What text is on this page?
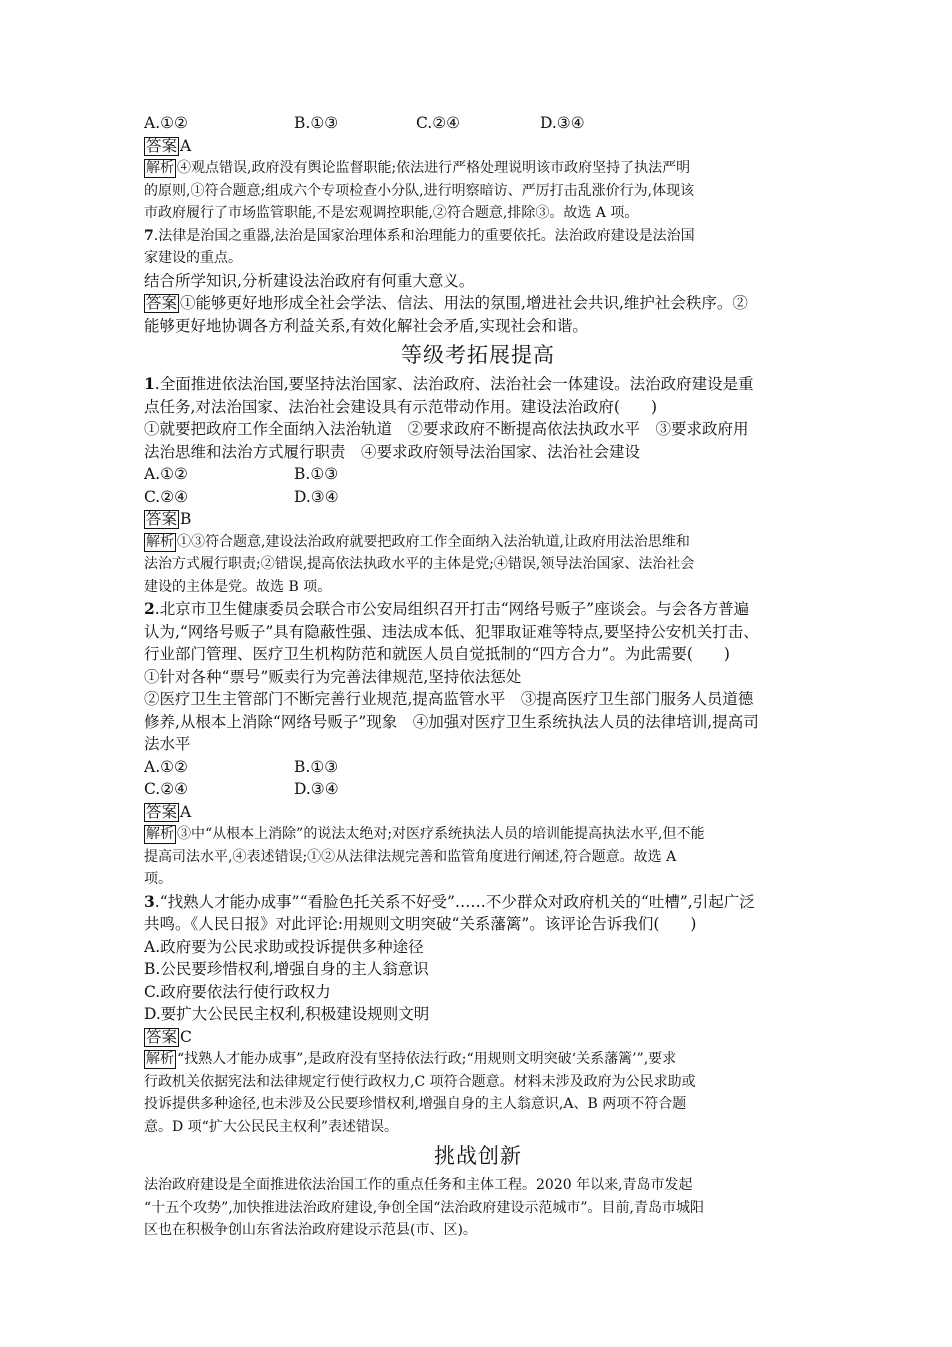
A.①②	B.①③	C.②④	D.③④
答案 A
解析 ④观点错误,政府没有舆论监督职能;依法进行严格处理说明该市政府坚持了执法严明
的原则,①符合题意;组成六个专项检查小分队,进行明察暗访、严厉打击乱涨价行为,体现该
市政府履行了市场监管职能,不是宏观调控职能,②符合题意,排除③。故选 A 项。
7.法律是治国之重器,法治是国家治理体系和治理能力的重要依托。法治政府建设是法治国
家建设的重点。
结合所学知识,分析建设法治政府有何重大意义。
答案 ①能够更好地形成全社会学法、信法、用法的氛围,增进社会共识,维护社会秩序。②
能够更好地协调各方利益关系,有效化解社会矛盾,实现社会和谐。
等级考拓展提高
1.全面推进依法治国,要坚持法治国家、法治政府、法治社会一体建设。法治政府建设是重
点任务,对法治国家、法治社会建设具有示范带动作用。建设法治政府(　　)
①就要把政府工作全面纳入法治轨道　②要求政府不断提高依法执政水平　③要求政府用
法治思维和法治方式履行职责　④要求政府领导法治国家、法治社会建设
A.①②	B.①③
C.②④	D.③④
答案 B
解析 ①③符合题意,建设法治政府就要把政府工作全面纳入法治轨道,让政府用法治思维和
法治方式履行职责;②错误,提高依法执政水平的主体是党;④错误,领导法治国家、法治社会
建设的主体是党。故选 B 项。
2.北京市卫生健康委员会联合市公安局组织召开打击“网络号贩子”座谈会。与会各方普遍
认为,“网络号贩子”具有隐蔽性强、违法成本低、犯罪取证难等特点,要坚持公安机关打击、
行业部门管理、医疗卫生机构防范和就医人员自觉抵制的“四方合力”。为此需要(　　)
①针对各种“票号”贩卖行为完善法律规范,坚持依法惩处
②医疗卫生主管部门不断完善行业规范,提高监管水平　③提高医疗卫生部门服务人员道德
修养,从根本上消除“网络号贩子”现象　④加强对医疗卫生系统执法人员的法律培训,提高司
法水平
A.①②	B.①③
C.②④	D.③④
答案 A
解析 ③中“从根本上消除”的说法太绝对;对医疗系统执法人员的培训能提高执法水平,但不能
提高司法水平,④表述错误;①②从法律法规完善和监管角度进行阐述,符合题意。故选 A
项。
3.“找熟人才能办成事”“看脸色托关系不好受”……不少群众对政府机关的“吐槽”,引起广泛
共鸣。《人民日报》对此评论:用规则文明突破“关系藩篱”。该评论告诉我们(　　)
A.政府要为公民求助或投诉提供多种途径
B.公民要珍惜权利,增强自身的主人翁意识
C.政府要依法行使行政权力
D.要扩大公民民主权利,积极建设规则文明
答案 C
解析 “找熟人才能办成事”,是政府没有坚持依法行政;“用规则文明突破‘关系藩篱’”,要求
行政机关依据宪法和法律规定行使行政权力,C 项符合题意。材料未涉及政府为公民求助或
投诉提供多种途径,也未涉及公民要珍惜权利,增强自身的主人翁意识,A、B 两项不符合题
意。D 项“扩大公民民主权利”表述错误。
挑战创新
法治政府建设是全面推进依法治国工作的重点任务和主体工程。2020 年以来,青岛市发起
“十五个攻势”,加快推进法治政府建设,争创全国“法治政府建设示范城市”。目前,青岛市城阳
区也在积极争创山东省法治政府建设示范县(市、区)。
